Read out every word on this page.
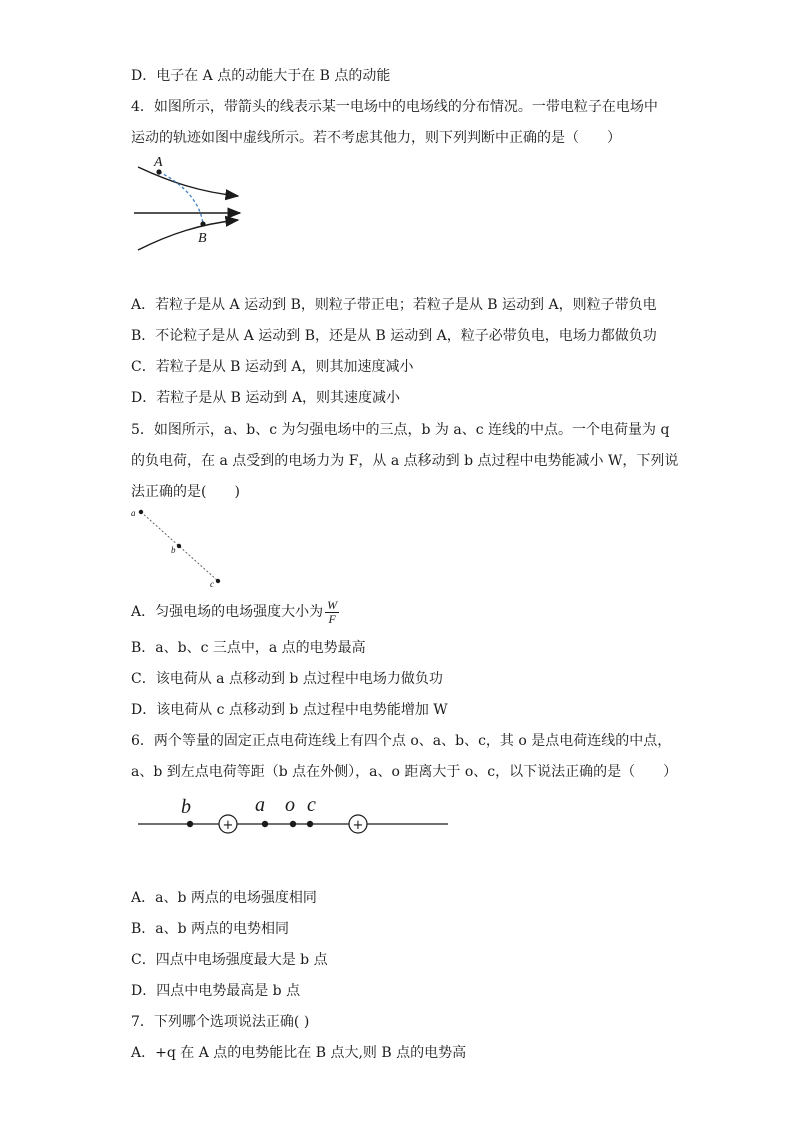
D．电子在 A 点的动能大于在 B 点的动能
4．如图所示，带箭头的线表示某一电场中的电场线的分布情况。一带电粒子在电场中
运动的轨迹如图中虚线所示。若不考虑其他力，则下列判断中正确的是（　　）
A
B
A．若粒子是从 A 运动到 B，则粒子带正电；若粒子是从 B 运动到 A，则粒子带负电
B．不论粒子是从 A 运动到 B，还是从 B 运动到 A，粒子必带负电，电场力都做负功
C．若粒子是从 B 运动到 A，则其加速度减小
D．若粒子是从 B 运动到 A，则其速度减小
5．如图所示，a、b、c 为匀强电场中的三点，b 为 a、c 连线的中点。一个电荷量为 q
的负电荷，在 a 点受到的电场力为 F，从 a 点移动到 b 点过程中电势能减小 W，下列说
法正确的是(　　)
a
b
c
A．匀强电场的电场强度大小为 $\frac{W}{F}$
B．a、b、c 三点中，a 点的电势最高
C．该电荷从 a 点移动到 b 点过程中电场力做负功
D．该电荷从 c 点移动到 b 点过程中电势能增加 W
6．两个等量的固定正点电荷连线上有四个点 o、a、b、c，其 o 是点电荷连线的中点，
a、b 到左点电荷等距（b 点在外侧），a、o 距离大于 o、c，以下说法正确的是（　　）
+	+
b	a o c
A．a、b 两点的电场强度相同
B．a、b 两点的电势相同
C．四点中电场强度最大是 b 点
D．四点中电势最高是 b 点
7．下列哪个选项说法正确( )
A．+q 在 A 点的电势能比在 B 点大,则 B 点的电势高
